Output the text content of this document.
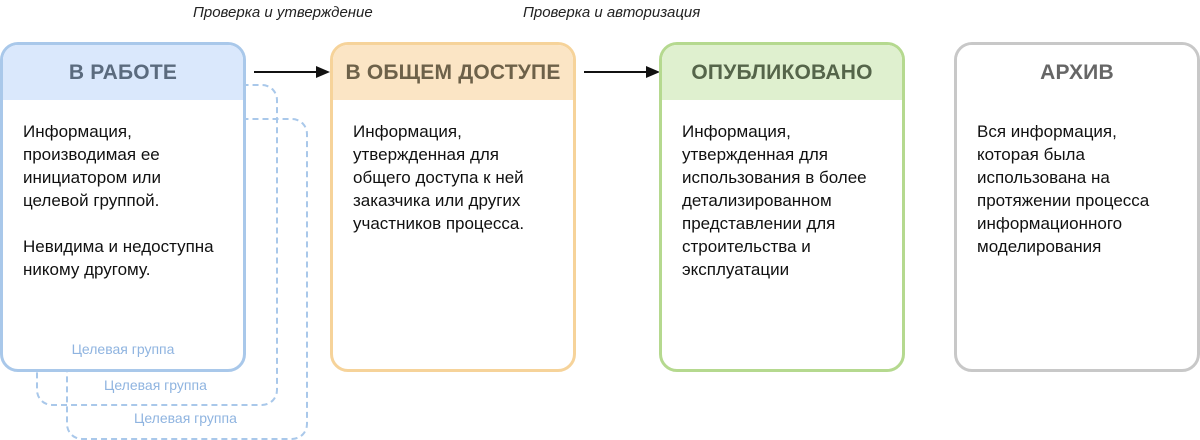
Целевая группа
Целевая группа
Проверка и утверждение	Проверка и авторизация
В РАБОТЕ
Информация,
производимая ее
инициатором или
целевой группой.

Невидима и недоступна
никому другому.
Целевая группа
В ОБЩЕМ ДОСТУПЕ
Информация,
утвержденная для
общего доступа к ней
заказчика или других
участников процесса.
ОПУБЛИКОВАНО
Информация,
утвержденная для
использования в более
детализированном
представлении для
строительства и
эксплуатации
АРХИВ
Вся информация,
которая была
использована на
протяжении процесса
информационного
моделирования
